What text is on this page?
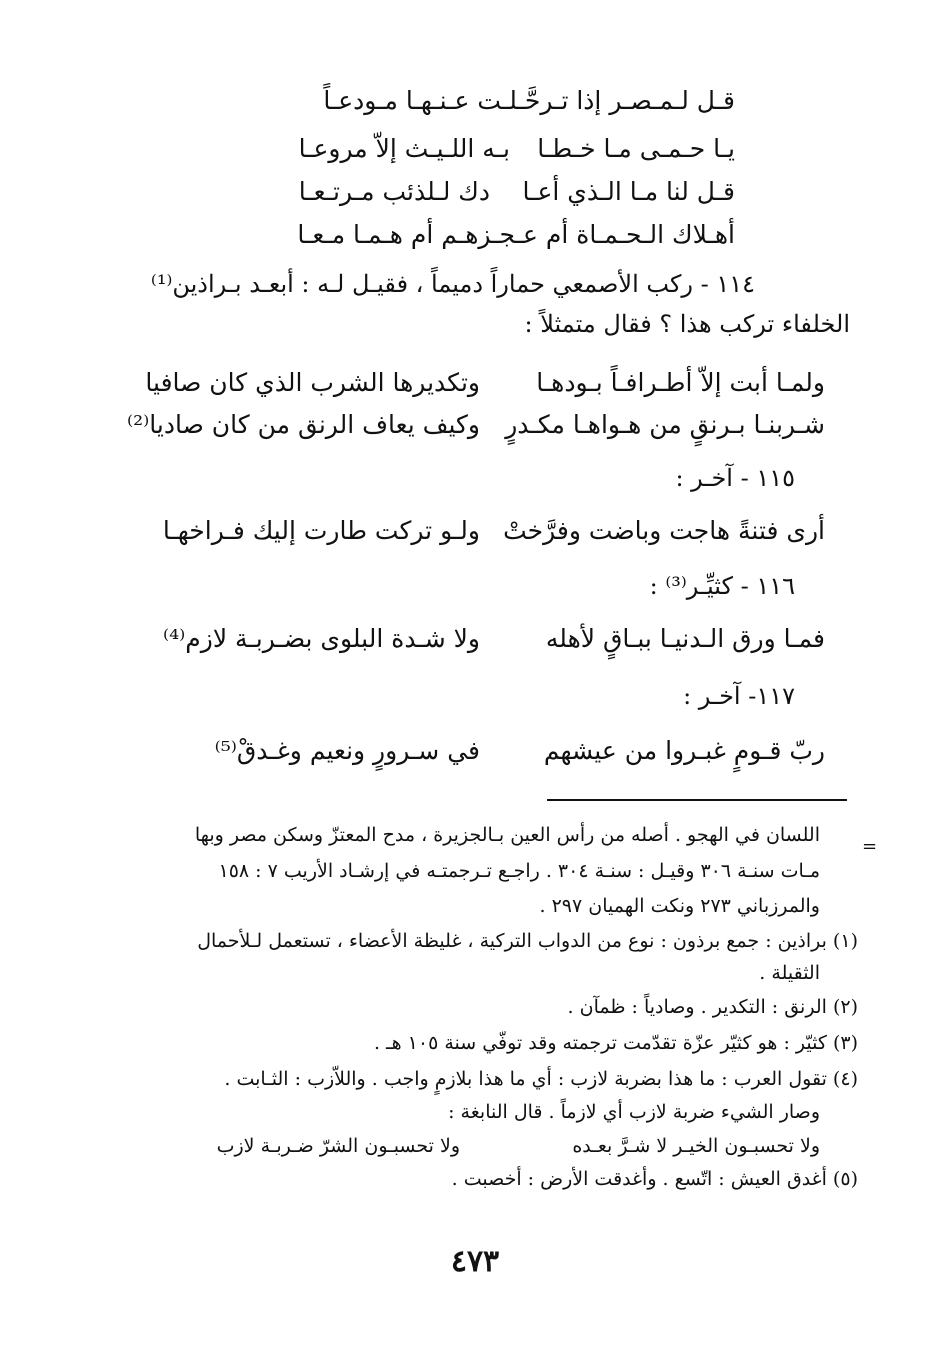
قـل لـمـصـر إذا تـرحَّـلـت عـنـهـا مـودعـاً
يـا حـمـى مـا خـطـا
بـه اللـيـث إلاّ مروعـا
قـل لنا مـا الـذي أعـا
دك لـلذئب مـرتـعـا
أهـلاك الـحـمـاة أم عـجـزهـم أم هـمـا مـعـا
١١٤ - ركب الأصمعي حماراً دميماً ، فقيـل لـه : أبعـد بـراذين⁽¹⁾
الخلفاء تركب هذا ؟ فقال متمثلاً :
ولمـا أبت إلاّ أطـرافـاً بـودهـا
وتكديرها الشرب الذي كان صافيا
شـربنـا بـرنقٍ من هـواهـا مكـدرٍ
وكيف يعاف الرنق من كان صاديا⁽²⁾
١١٥ - آخـر :
أرى فتنةً هاجت وباضت وفرَّختْ
ولـو تركت طارت إليك فـراخهـا
١١٦ - كثيِّـر⁽³⁾ :
فمـا ورق الـدنيـا ببـاقٍ لأهله
ولا شـدة البلوى بضـربـة لازم⁽⁴⁾
١١٧- آخـر :
ربّ قـومٍ غبـروا من عيشهم
في سـرورٍ ونعيم وغـدقْ⁽⁵⁾
=
اللسان في الهجو . أصله من رأس العين بـالجزيرة ، مدح المعتزّ وسكن مصر وبها
مـات سنـة ٣٠٦ وقيـل : سنـة ٣٠٤ . راجـع تـرجمتـه في إرشـاد الأريب ٧ : ١٥٨
والمرزباني ٢٧٣ ونكت الهميان ٢٩٧ .
(١) براذين : جمع برذون : نوع من الدواب التركية ، غليظة الأعضاء ، تستعمل لـلأحمال
الثقيلة .
(٢) الرنق : التكدير . وصادياً : ظمآن .
(٣) كثيّر : هو كثيّر عزّة تقدّمت ترجمته وقد توفّي سنة ١٠٥ هـ .
(٤) تقول العرب : ما هذا بضربة لازب : أي ما هذا بلازمٍ واجب . واللاّزب : الثـابت .
وصار الشيء ضربة لازب أي لازماً . قال النابغة :
ولا تحسبـون الخيـر لا شـرَّ بعـده
ولا تحسبـون الشرّ ضـربـة لازب
(٥) أغدق العيش : اتّسع . وأغدقت الأرض : أخصبت .
٤٧٣
